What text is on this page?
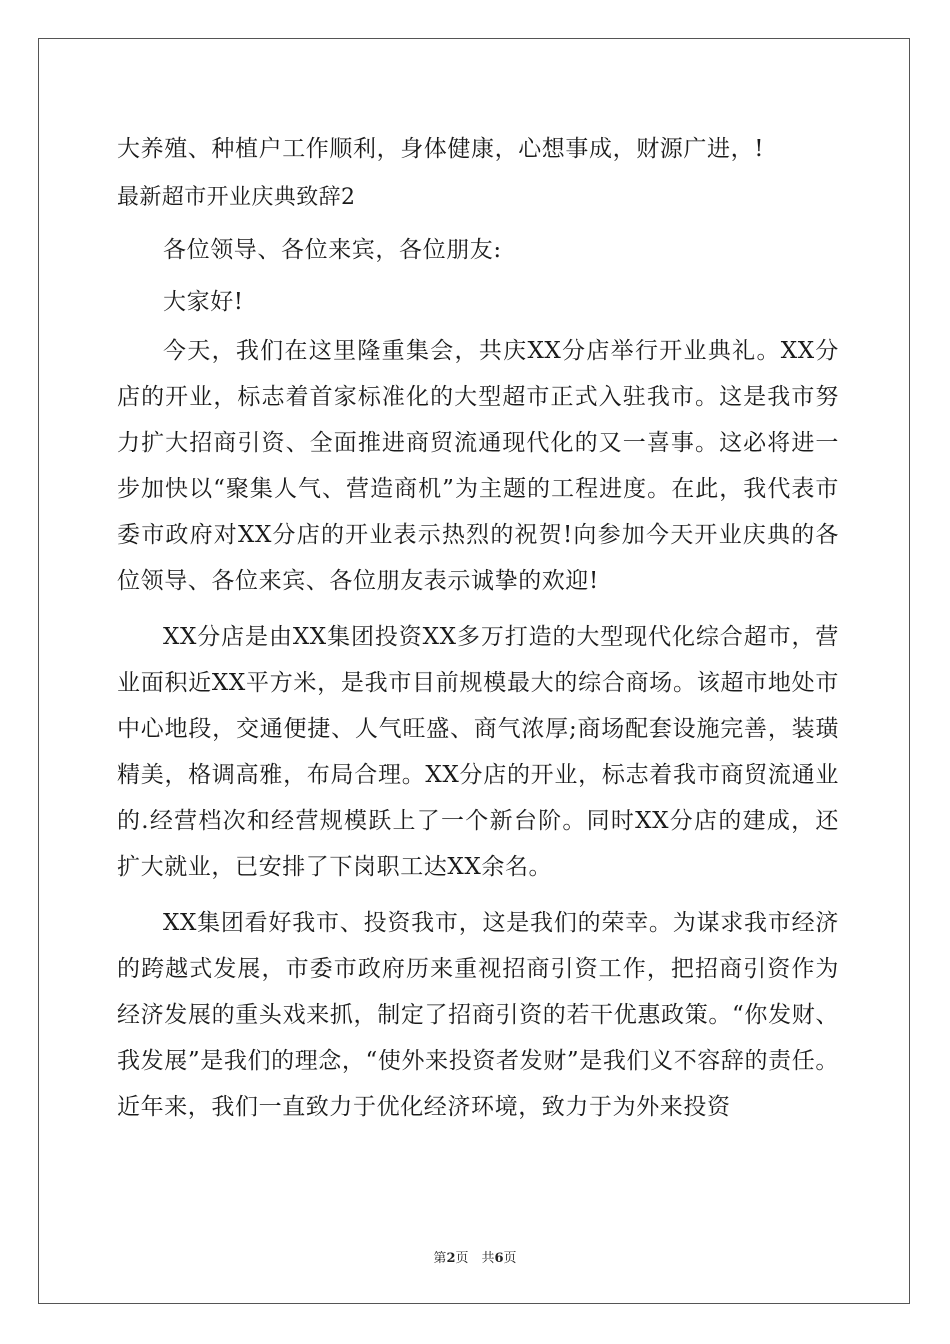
大养殖、种植户工作顺利，身体健康，心想事成，财源广进，!
最新超市开业庆典致辞2
各位领导、各位来宾，各位朋友:
大家好!

今天，我们在这里隆重集会，共庆XX分店举行开业典礼。XX分店的开业，标志着首家标准化的大型超市正式入驻我市。这是我市努力扩大招商引资、全面推进商贸流通现代化的又一喜事。这必将进一步加快以“聚集人气、营造商机”为主题的工程进度。在此，我代表市委市政府对XX分店的开业表示热烈的祝贺!向参加今天开业庆典的各位领导、各位来宾、各位朋友表示诚挚的欢迎!

XX分店是由XX集团投资XX多万打造的大型现代化综合超市，营业面积近XX平方米，是我市目前规模最大的综合商场。该超市地处市中心地段，交通便捷、人气旺盛、商气浓厚;商场配套设施完善，装璜精美，格调高雅，布局合理。XX分店的开业，标志着我市商贸流通业的.经营档次和经营规模跃上了一个新台阶。同时XX分店的建成，还扩大就业，已安排了下岗职工达XX余名。

XX集团看好我市、投资我市，这是我们的荣幸。为谋求我市经济的跨越式发展，市委市政府历来重视招商引资工作，把招商引资作为经济发展的重头戏来抓，制定了招商引资的若干优惠政策。“你发财、我发展”是我们的理念，“使外来投资者发财”是我们义不容辞的责任。近年来，我们一直致力于优化经济环境，致力于为外来投资

第2页　共6页
